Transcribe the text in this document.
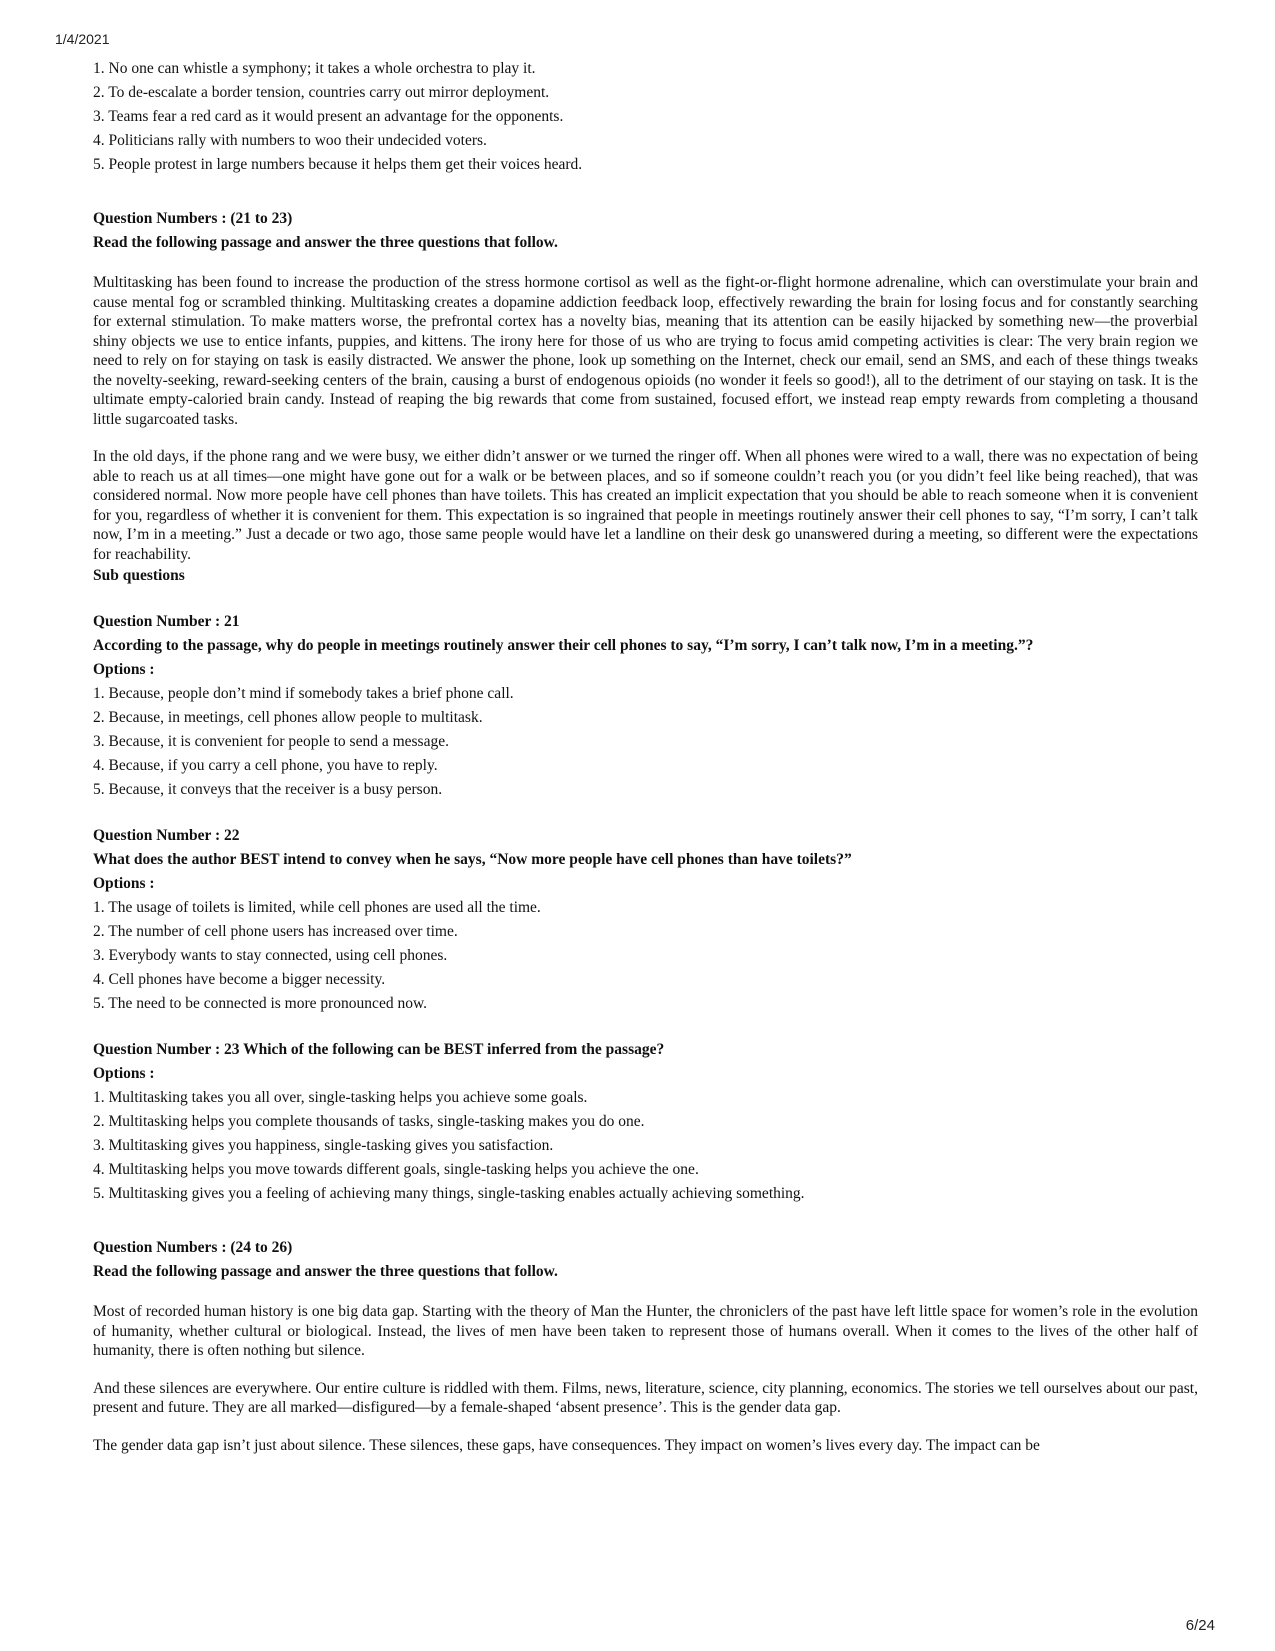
1/4/2021
1. No one can whistle a symphony; it takes a whole orchestra to play it.
2. To de-escalate a border tension, countries carry out mirror deployment.
3. Teams fear a red card as it would present an advantage for the opponents.
4. Politicians rally with numbers to woo their undecided voters.
5. People protest in large numbers because it helps them get their voices heard.
Question Numbers : (21 to 23)
Read the following passage and answer the three questions that follow.
Multitasking has been found to increase the production of the stress hormone cortisol as well as the fight-or-flight hormone adrenaline, which can overstimulate your brain and cause mental fog or scrambled thinking. Multitasking creates a dopamine addiction feedback loop, effectively rewarding the brain for losing focus and for constantly searching for external stimulation. To make matters worse, the prefrontal cortex has a novelty bias, meaning that its attention can be easily hijacked by something new—the proverbial shiny objects we use to entice infants, puppies, and kittens. The irony here for those of us who are trying to focus amid competing activities is clear: The very brain region we need to rely on for staying on task is easily distracted. We answer the phone, look up something on the Internet, check our email, send an SMS, and each of these things tweaks the novelty-seeking, reward-seeking centers of the brain, causing a burst of endogenous opioids (no wonder it feels so good!), all to the detriment of our staying on task. It is the ultimate empty-caloried brain candy. Instead of reaping the big rewards that come from sustained, focused effort, we instead reap empty rewards from completing a thousand little sugarcoated tasks.
In the old days, if the phone rang and we were busy, we either didn’t answer or we turned the ringer off. When all phones were wired to a wall, there was no expectation of being able to reach us at all times—one might have gone out for a walk or be between places, and so if someone couldn’t reach you (or you didn’t feel like being reached), that was considered normal. Now more people have cell phones than have toilets. This has created an implicit expectation that you should be able to reach someone when it is convenient for you, regardless of whether it is convenient for them. This expectation is so ingrained that people in meetings routinely answer their cell phones to say, “I’m sorry, I can’t talk now, I’m in a meeting.” Just a decade or two ago, those same people would have let a landline on their desk go unanswered during a meeting, so different were the expectations for reachability.
Sub questions
Question Number : 21
According to the passage, why do people in meetings routinely answer their cell phones to say, “I’m sorry, I can’t talk now, I’m in a meeting.”?
Options :
1. Because, people don’t mind if somebody takes a brief phone call.
2. Because, in meetings, cell phones allow people to multitask.
3. Because, it is convenient for people to send a message.
4. Because, if you carry a cell phone, you have to reply.
5. Because, it conveys that the receiver is a busy person.
Question Number : 22
What does the author BEST intend to convey when he says, “Now more people have cell phones than have toilets?”
Options :
1. The usage of toilets is limited, while cell phones are used all the time.
2. The number of cell phone users has increased over time.
3. Everybody wants to stay connected, using cell phones.
4. Cell phones have become a bigger necessity.
5. The need to be connected is more pronounced now.
Question Number : 23 Which of the following can be BEST inferred from the passage?
Options :
1. Multitasking takes you all over, single-tasking helps you achieve some goals.
2. Multitasking helps you complete thousands of tasks, single-tasking makes you do one.
3. Multitasking gives you happiness, single-tasking gives you satisfaction.
4. Multitasking helps you move towards different goals, single-tasking helps you achieve the one.
5. Multitasking gives you a feeling of achieving many things, single-tasking enables actually achieving something.
Question Numbers : (24 to 26)
Read the following passage and answer the three questions that follow.
Most of recorded human history is one big data gap. Starting with the theory of Man the Hunter, the chroniclers of the past have left little space for women’s role in the evolution of humanity, whether cultural or biological. Instead, the lives of men have been taken to represent those of humans overall. When it comes to the lives of the other half of humanity, there is often nothing but silence.
And these silences are everywhere. Our entire culture is riddled with them. Films, news, literature, science, city planning, economics. The stories we tell ourselves about our past, present and future. They are all marked—disfigured—by a female-shaped ‘absent presence’. This is the gender data gap.
The gender data gap isn’t just about silence. These silences, these gaps, have consequences. They impact on women’s lives every day. The impact can be
6/24
